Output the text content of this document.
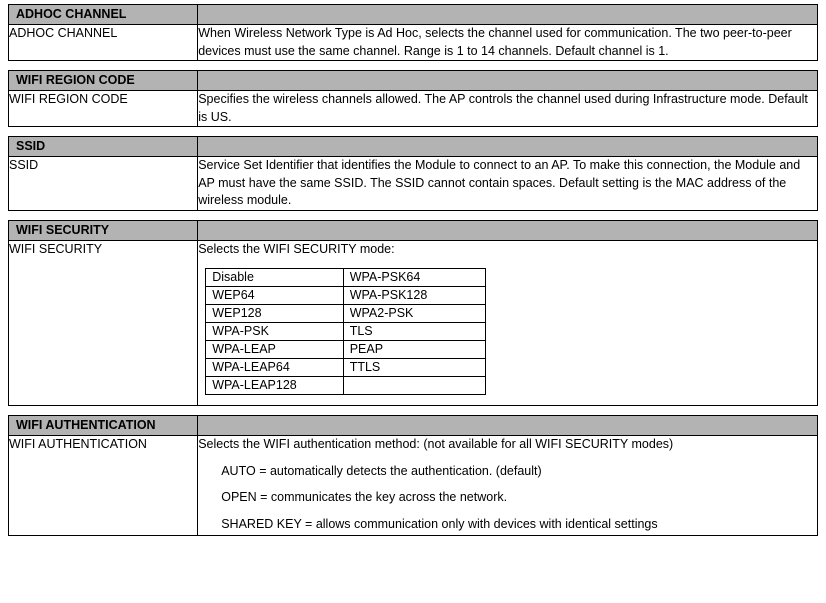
ADHOC CHANNEL	

ADHOC CHANNEL	When Wireless Network Type is Ad Hoc, selects the channel used for communication. The two peer-to-peer devices must use the same channel. Range is 1 to 14 channels. Default channel is 1.
WIFI REGION CODE	

WIFI REGION CODE	Specifies the wireless channels allowed. The AP controls the channel used during Infrastructure mode. Default is US.
SSID	

SSID	Service Set Identifier that identifies the Module to connect to an AP. To make this connection, the Module and AP must have the same SSID. The SSID cannot contain spaces. Default setting is the MAC address of the wireless module.
WIFI SECURITY

WIFI SECURITY	Selects the WIFI SECURITY mode:
Disable	WPA-PSK64

WEP64	WPA-PSK128

WEP128	WPA2-PSK

WPA-PSK	TLS

WPA-LEAP	PEAP

WPA-LEAP64	TTLS

WPA-LEAP128

WIFI AUTHENTICATION	

WIFI AUTHENTICATION	Selects the WIFI authentication method: (not available for all WIFI SECURITY modes)
AUTO = automatically detects the authentication. (default)
OPEN = communicates the key across the network.
SHARED KEY = allows communication only with devices with identical settings
